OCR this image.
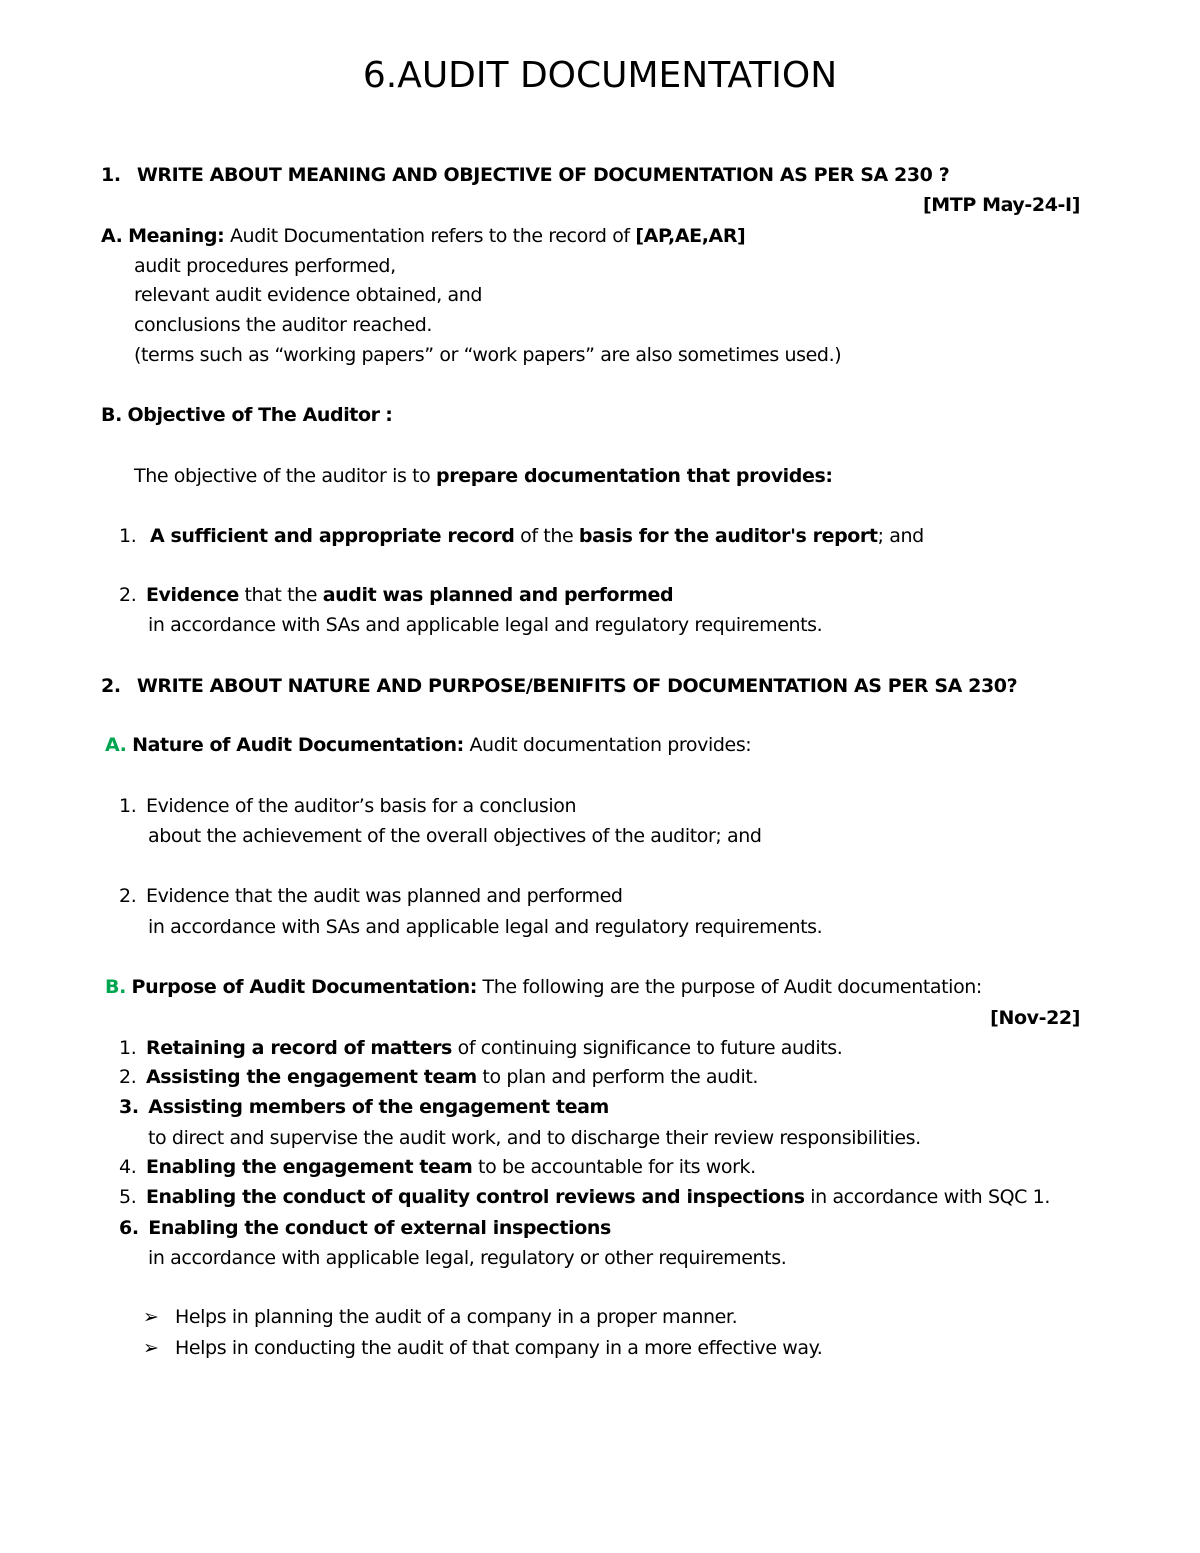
6.AUDIT DOCUMENTATION
1. WRITE ABOUT MEANING AND OBJECTIVE OF DOCUMENTATION AS PER SA 230 ?
[MTP May-24-I]
A. Meaning: Audit Documentation refers to the record of [AP,AE,AR]
audit procedures performed,
relevant audit evidence obtained, and
conclusions the auditor reached.
(terms such as “working papers” or “work papers” are also sometimes used.)
B. Objective of The Auditor :
The objective of the auditor is to prepare documentation that provides:
1. A sufficient and appropriate record of the basis for the auditor's report; and
2. Evidence that the audit was planned and performed
in accordance with SAs and applicable legal and regulatory requirements.
2. WRITE ABOUT NATURE AND PURPOSE/BENIFITS OF DOCUMENTATION AS PER SA 230?
A. Nature of Audit Documentation: Audit documentation provides:
1. Evidence of the auditor’s basis for a conclusion
about the achievement of the overall objectives of the auditor; and
2. Evidence that the audit was planned and performed
in accordance with SAs and applicable legal and regulatory requirements.
B. Purpose of Audit Documentation: The following are the purpose of Audit documentation:
[Nov-22]
1. Retaining a record of matters of continuing significance to future audits.
2. Assisting the engagement team to plan and perform the audit.
3. Assisting members of the engagement team
to direct and supervise the audit work, and to discharge their review responsibilities.
4. Enabling the engagement team to be accountable for its work.
5. Enabling the conduct of quality control reviews and inspections in accordance with SQC 1.
6. Enabling the conduct of external inspections
in accordance with applicable legal, regulatory or other requirements.
➢ Helps in planning the audit of a company in a proper manner.
➢ Helps in conducting the audit of that company in a more effective way.
